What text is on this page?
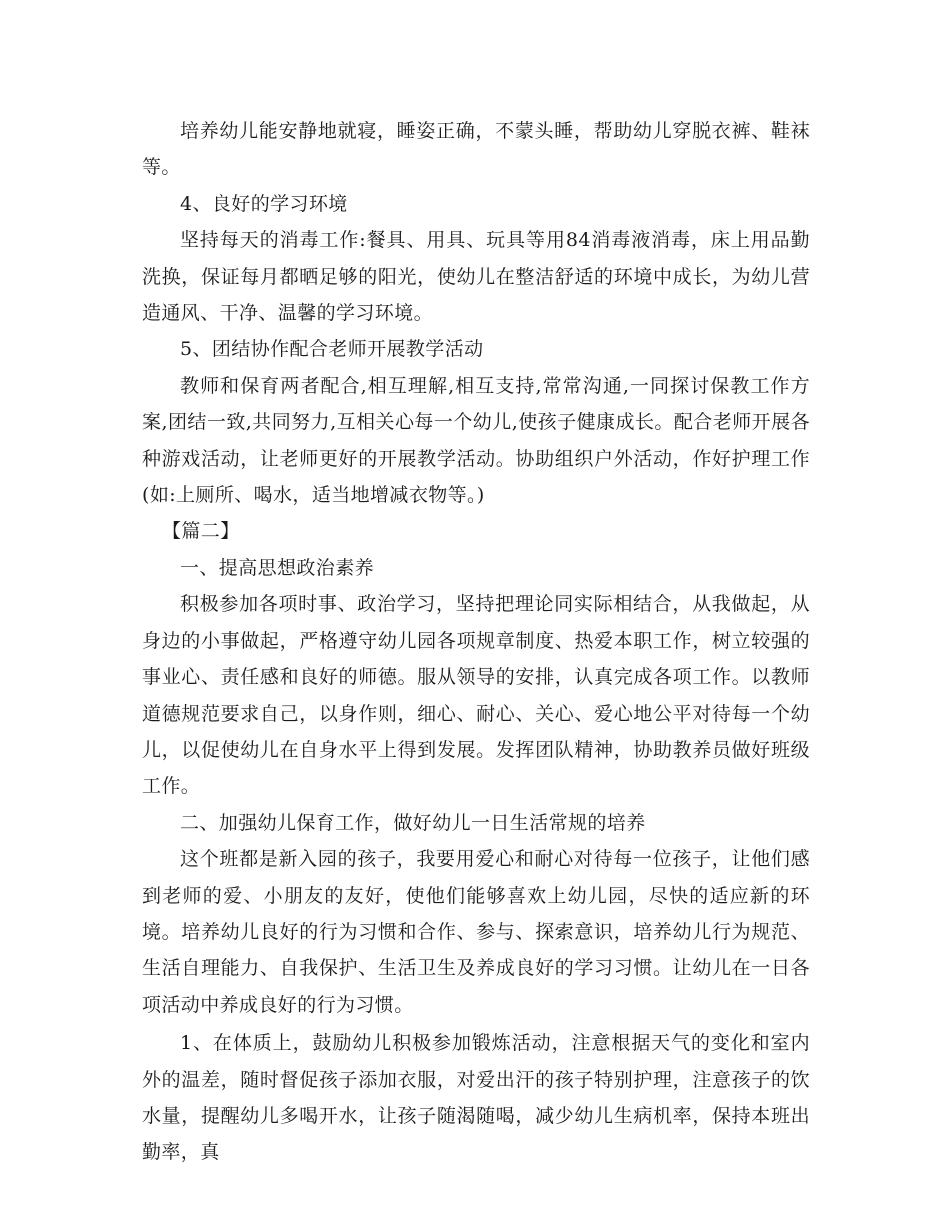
培养幼儿能安静地就寝，睡姿正确，不蒙头睡，帮助幼儿穿脱衣裤、鞋袜等。

4、良好的学习环境

坚持每天的消毒工作:餐具、用具、玩具等用84消毒液消毒，床上用品勤洗换，保证每月都晒足够的阳光，使幼儿在整洁舒适的环境中成长，为幼儿营造通风、干净、温馨的学习环境。

5、团结协作配合老师开展教学活动

教师和保育两者配合,相互理解,相互支持,常常沟通,一同探讨保教工作方案,团结一致,共同努力,互相关心每一个幼儿,使孩子健康成长。配合老师开展各种游戏活动，让老师更好的开展教学活动。协助组织户外活动，作好护理工作(如:上厕所、喝水，适当地增减衣物等。)

【篇二】

一、提高思想政治素养

积极参加各项时事、政治学习，坚持把理论同实际相结合，从我做起，从身边的小事做起，严格遵守幼儿园各项规章制度、热爱本职工作，树立较强的事业心、责任感和良好的师德。服从领导的安排，认真完成各项工作。以教师道德规范要求自己，以身作则，细心、耐心、关心、爱心地公平对待每一个幼儿，以促使幼儿在自身水平上得到发展。发挥团队精神，协助教养员做好班级工作。

二、加强幼儿保育工作，做好幼儿一日生活常规的培养

这个班都是新入园的孩子，我要用爱心和耐心对待每一位孩子，让他们感到老师的爱、小朋友的友好，使他们能够喜欢上幼儿园，尽快的适应新的环境。培养幼儿良好的行为习惯和合作、参与、探索意识，培养幼儿行为规范、生活自理能力、自我保护、生活卫生及养成良好的学习习惯。让幼儿在一日各项活动中养成良好的行为习惯。

1、在体质上，鼓励幼儿积极参加锻炼活动，注意根据天气的变化和室内外的温差，随时督促孩子添加衣服，对爱出汗的孩子特别护理，注意孩子的饮水量，提醒幼儿多喝开水，让孩子随渴随喝，减少幼儿生病机率，保持本班出勤率，真
